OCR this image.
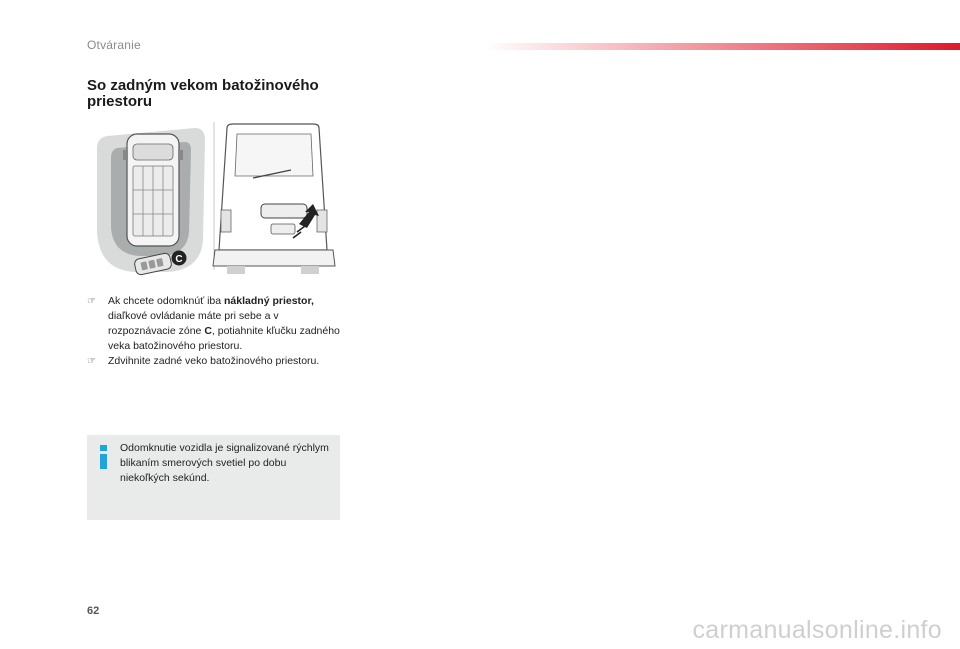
Otváranie
So zadným vekom batožinového priestoru
C
☞ Ak chcete odomknúť iba nákladný priestor, diaľkové ovládanie máte pri sebe a v rozpoznávacie zóne C, potiahnite kľučku zadného veka batožinového priestoru.
☞ Zdvihnite zadné veko batožinového priestoru.

Odomknutie vozidla je signalizované rýchlym blikaním smerových svetiel po dobu niekoľkých sekúnd.

62
carmanualsonline.info
